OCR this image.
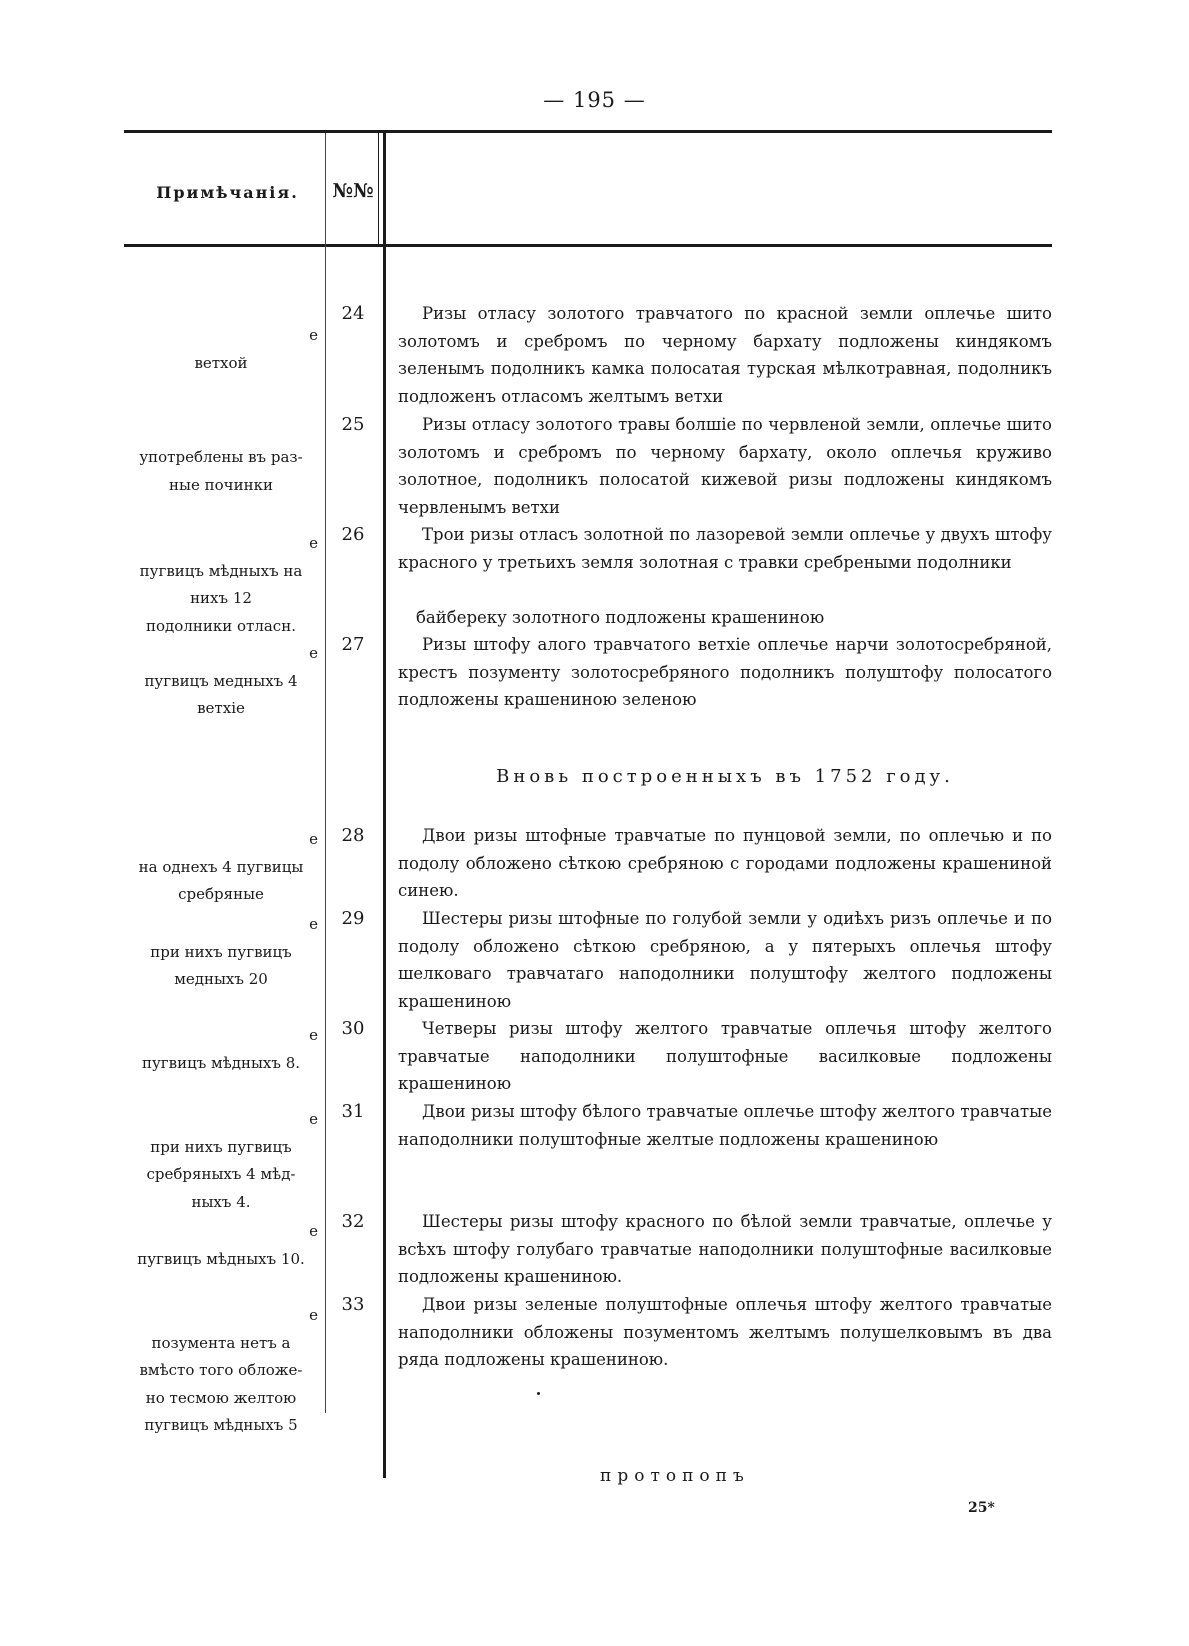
— 195 —
Примѣчанія.	№№
е
ветхой
употреблены въ раз-
ные починки
е
пугвицъ мѣдныхъ на
нихъ 12
подолники отласн.
е
пугвицъ медныхъ 4
ветхіе
е
на однехъ 4 пугвицы
сребряные
е
при нихъ пугвицъ
медныхъ 20
е
пугвицъ мѣдныхъ 8.
е
при нихъ пугвицъ
сребряныхъ 4 мѣд-
ныхъ 4.
е
пугвицъ мѣдныхъ 10.
е
позумента нетъ а
вмѣсто того обложе-
но тесмою желтою
пугвицъ мѣдныхъ 5
24
25
26
27
28
29
30
31
32
33
Ризы отласу золотого травчатого по красной земли оплечье шито золотомъ и сребромъ по черному бархату подложены киндякомъ зеленымъ подолникъ камка полосатая турская мѣлкотравная, подолникъ подложенъ отласомъ желтымъ ветхи
Ризы отласу золотого травы болшіе по червленой земли, оплечье шито золотомъ и сребромъ по черному бархату, около оплечья круживо золотное, подолникъ полосатой кижевой ризы подложены киндякомъ червленымъ ветхи
Трои ризы отласъ золотной по лазоревой земли оплечье у двухъ штофу красного у третьихъ земля золотная с травки сребреными подолники
байбереку золотного подложены крашениною
Ризы штофу алого травчатого ветхіе оплечье нарчи золотосребряной, крестъ позументу золотосребряного подолникъ полуштофу полосатого подложены крашениною зеленою
Вновь построенныхъ въ 1752 году.
Двои ризы штофные травчатые по пунцовой земли, по оплечью и по подолу обложено сѣткою сребряною с городами подложены крашениной синею.
Шестеры ризы штофные по голубой земли у одиѣхъ ризъ оплечье и по подолу обложено сѣткою сребряною, а у пятерыхъ оплечья штофу шелковаго травчатаго наподолники полуштофу желтого подложены крашениною
Четверы ризы штофу желтого травчатые оплечья штофу желтого травчатые наподолники полуштофные василковые подложены крашениною
Двои ризы штофу бѣлого травчатые оплечье штофу желтого травчатые наподолники полуштофные желтые подложены крашениною
Шестеры ризы штофу красного по бѣлой земли травчатые, оплечье у всѣхъ штофу голубаго травчатые наподолники полуштофные василковые подложены крашениною.
Двои ризы зеленые полуштофные оплечья штофу желтого травчатые наподолники обложены позументомъ желтымъ полушелковымъ въ два ряда подложены крашениною.
протопопъ
25*
